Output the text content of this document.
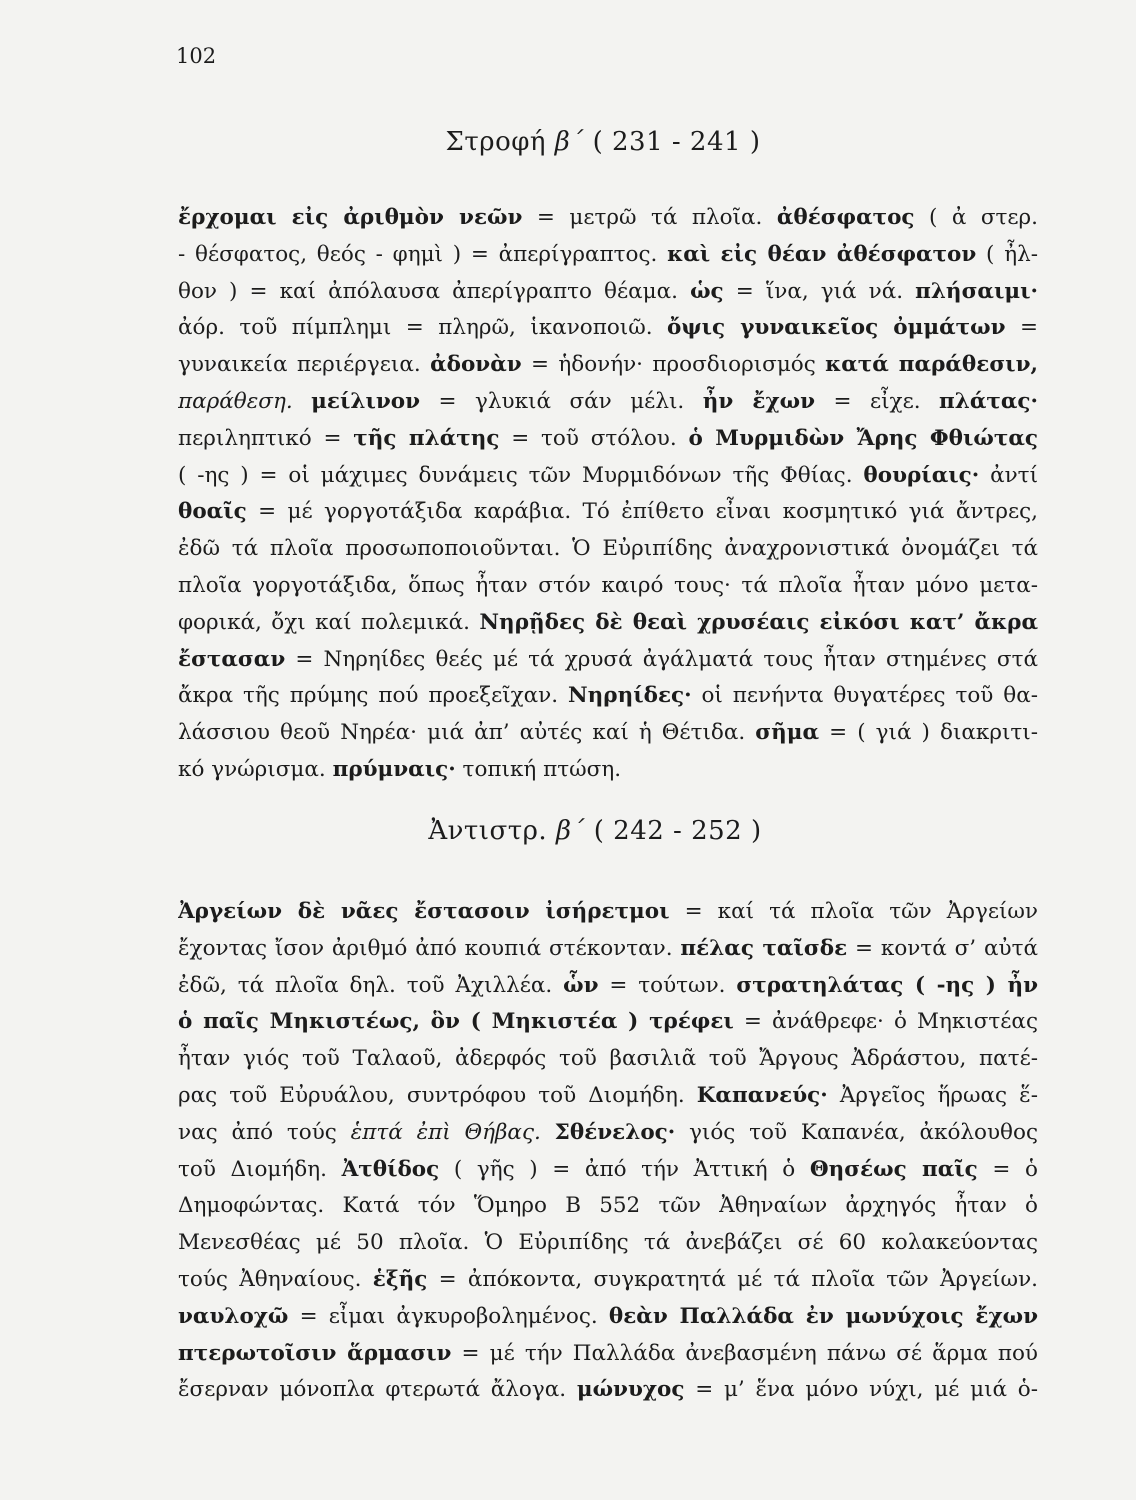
102
Στροφή β΄ ( 231 - 241 )
ἔρχομαι εἰς ἀριθμὸν νεῶν = μετρῶ τά πλοῖα. ἀθέσφατος ( ἀ στερ.
- θέσφατος, θεός - φημὶ ) = ἀπερίγραπτος. καὶ εἰς θέαν ἀθέσφατον ( ἦλ-
θον ) = καί ἀπόλαυσα ἀπερίγραπτο θέαμα. ὡς = ἵνα, γιά νά. πλήσαιμι·
ἀόρ. τοῦ πίμπλημι = πληρῶ, ἱκανοποιῶ. ὄψις γυναικεῖος ὀμμάτων =
γυναικεία περιέργεια. ἀδονὰν = ἡδονήν· προσδιορισμός κατά παράθεσιν,
παράθεση. μείλινον = γλυκιά σάν μέλι. ἦν ἔχων = εἶχε. πλάτας·
περιληπτικό = τῆς πλάτης = τοῦ στόλου. ὁ Μυρμιδὼν Ἄρης Φθιώτας
( -ης ) = οἱ μάχιμες δυνάμεις τῶν Μυρμιδόνων τῆς Φθίας. θουρίαις· ἀντί
θοαῖς = μέ γοργοτάξιδα καράβια. Τό ἐπίθετο εἶναι κοσμητικό γιά ἄντρες,
ἐδῶ τά πλοῖα προσωποποιοῦνται. Ὁ Εὐριπίδης ἀναχρονιστικά ὀνομάζει τά
πλοῖα γοργοτάξιδα, ὅπως ἦταν στόν καιρό τους· τά πλοῖα ἦταν μόνο μετα-
φορικά, ὄχι καί πολεμικά. Νηρῇδες δὲ θεαὶ χρυσέαις εἰκόσι κατ’ ἄκρα
ἔστασαν = Νηρηίδες θεές μέ τά χρυσά ἀγάλματά τους ἦταν στημένες στά
ἄκρα τῆς πρύμης πού προεξεῖχαν. Νηρηίδες· οἱ πενήντα θυγατέρες τοῦ θα-
λάσσιου θεοῦ Νηρέα· μιά ἀπ’ αὐτές καί ἡ Θέτιδα. σῆμα = ( γιά ) διακριτι-
κό γνώρισμα. πρύμναις· τοπική πτώση.
Ἀντιστρ. β΄ ( 242 - 252 )
Ἀργείων δὲ νᾶες ἔστασοιν ἰσήρετμοι = καί τά πλοῖα τῶν Ἀργείων
ἔχοντας ἴσον ἀριθμό ἀπό κουπιά στέκονταν. πέλας ταῖσδε = κοντά σ’ αὐτά
ἐδῶ, τά πλοῖα δηλ. τοῦ Ἀχιλλέα. ὧν = τούτων. στρατηλάτας ( -ης ) ἦν
ὁ παῖς Μηκιστέως, ὃν ( Μηκιστέα ) τρέφει = ἀνάθρεφε· ὁ Μηκιστέας
ἦταν γιός τοῦ Ταλαοῦ, ἀδερφός τοῦ βασιλιᾶ τοῦ Ἄργους Ἀδράστου, πατέ-
ρας τοῦ Εὐρυάλου, συντρόφου τοῦ Διομήδη. Καπανεύς· Ἀργεῖος ἥρωας ἕ-
νας ἀπό τούς ἑπτά ἐπὶ Θήβας. Σθένελος· γιός τοῦ Καπανέα, ἀκόλουθος
τοῦ Διομήδη. Ἀτθίδος ( γῆς ) = ἀπό τήν Ἀττική ὁ Θησέως παῖς = ὁ
Δημοφώντας. Κατά τόν Ὅμηρο Β 552 τῶν Ἀθηναίων ἀρχηγός ἦταν ὁ
Μενεσθέας μέ 50 πλοῖα. Ὁ Εὐριπίδης τά ἀνεβάζει σέ 60 κολακεύοντας
τούς Ἀθηναίους. ἑξῆς = ἀπόκοντα, συγκρατητά μέ τά πλοῖα τῶν Ἀργείων.
ναυλοχῶ = εἶμαι ἀγκυροβολημένος. θεὰν Παλλάδα ἐν μωνύχοις ἔχων
πτερωτοῖσιν ἅρμασιν = μέ τήν Παλλάδα ἀνεβασμένη πάνω σέ ἅρμα πού
ἔσερναν μόνοπλα φτερωτά ἄλογα. μώνυχος = μ’ ἕνα μόνο νύχι, μέ μιά ὁ-
